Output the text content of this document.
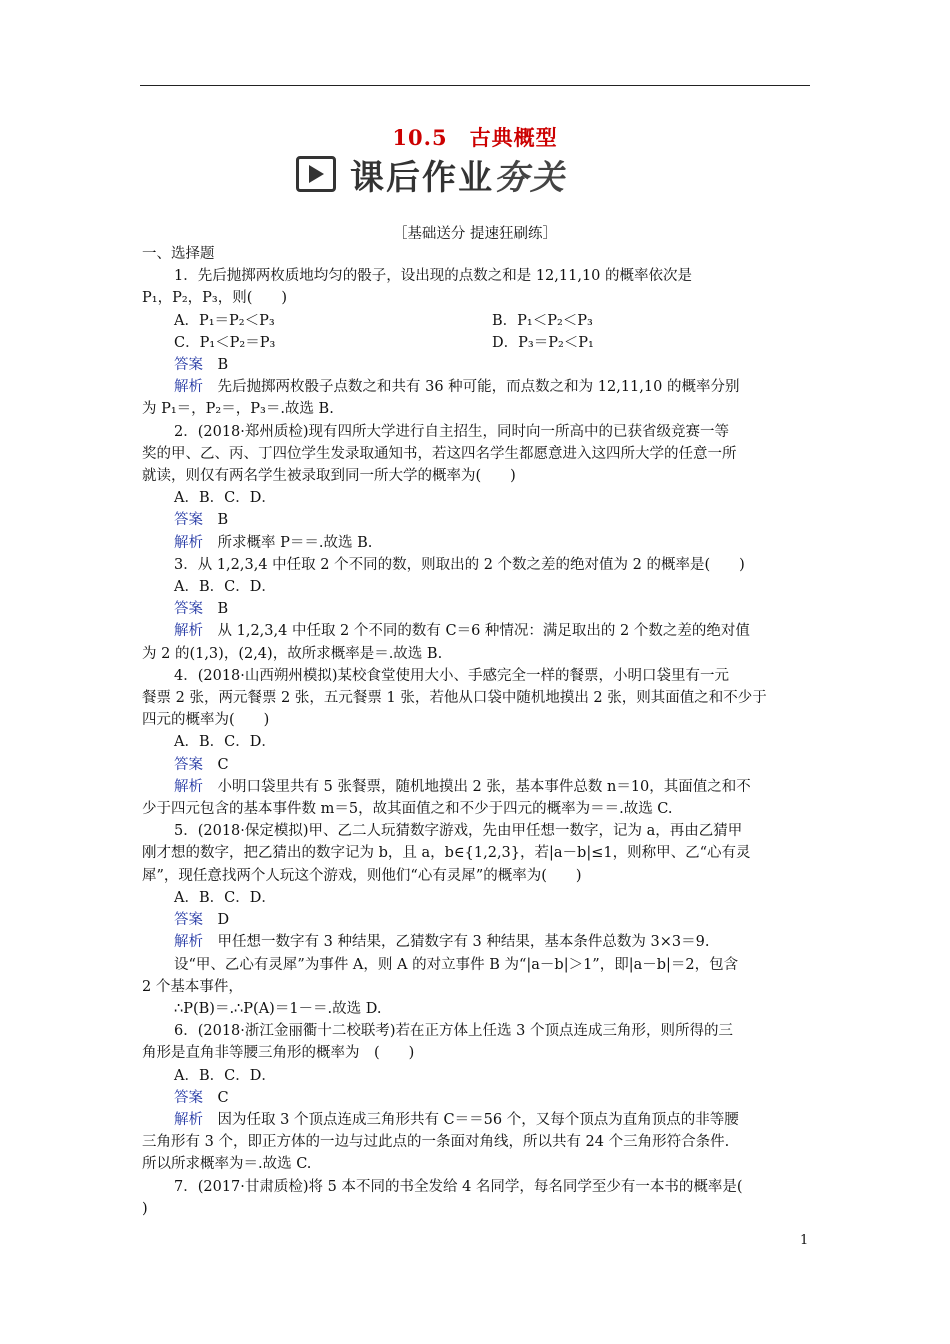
10.5　古典概型
课后作业夯关
［基础送分 提速狂刷练］

一、选择题

1．先后抛掷两枚质地均匀的骰子，设出现的点数之和是 12,11,10 的概率依次是

P₁，P₂，P₃，则(　　)

A．P₁＝P₂＜P₃	B．P₁＜P₂＜P₃
C．P₁＜P₂＝P₃	D．P₃＝P₂＜P₁

答案　B

解析　先后抛掷两枚骰子点数之和共有 36 种可能，而点数之和为 12,11,10 的概率分别

为 P₁＝，P₂＝，P₃＝.故选 B.

2．(2018·郑州质检)现有四所大学进行自主招生，同时向一所高中的已获省级竞赛一等

奖的甲、乙、丙、丁四位学生发录取通知书，若这四名学生都愿意进入这四所大学的任意一所

就读，则仅有两名学生被录取到同一所大学的概率为(　　)

A．B．C．D．

答案　B

解析　所求概率 P＝＝.故选 B.

3．从 1,2,3,4 中任取 2 个不同的数，则取出的 2 个数之差的绝对值为 2 的概率是(　　)

A．B．C．D．

答案　B

解析　从 1,2,3,4 中任取 2 个不同的数有 C＝6 种情况：满足取出的 2 个数之差的绝对值

为 2 的(1,3)，(2,4)，故所求概率是＝.故选 B.

4．(2018·山西朔州模拟)某校食堂使用大小、手感完全一样的餐票，小明口袋里有一元

餐票 2 张，两元餐票 2 张，五元餐票 1 张，若他从口袋中随机地摸出 2 张，则其面值之和不少于

四元的概率为(　　)

A．B．C．D．

答案　C

解析　小明口袋里共有 5 张餐票，随机地摸出 2 张，基本事件总数 n＝10，其面值之和不

少于四元包含的基本事件数 m＝5，故其面值之和不少于四元的概率为＝＝.故选 C.

5．(2018·保定模拟)甲、乙二人玩猜数字游戏，先由甲任想一数字，记为 a，再由乙猜甲

刚才想的数字，把乙猜出的数字记为 b，且 a，b∈{1,2,3}，若|a－b|≤1，则称甲、乙“心有灵

犀”，现任意找两个人玩这个游戏，则他们“心有灵犀”的概率为(　　)

A．B．C．D．

答案　D

解析　甲任想一数字有 3 种结果，乙猜数字有 3 种结果，基本条件总数为 3×3＝9.

设“甲、乙心有灵犀”为事件 A，则 A 的对立事件 B 为“|a－b|＞1”，即|a－b|＝2，包含

2 个基本事件，

∴P(B)＝.∴P(A)＝1－＝.故选 D.

6．(2018·浙江金丽衢十二校联考)若在正方体上任选 3 个顶点连成三角形，则所得的三

角形是直角非等腰三角形的概率为　(　　)

A．B．C．D．

答案　C

解析　因为任取 3 个顶点连成三角形共有 C＝＝56 个，又每个顶点为直角顶点的非等腰

三角形有 3 个，即正方体的一边与过此点的一条面对角线，所以共有 24 个三角形符合条件.

所以所求概率为＝.故选 C.

7．(2017·甘肃质检)将 5 本不同的书全发给 4 名同学，每名同学至少有一本书的概率是(

)

1
